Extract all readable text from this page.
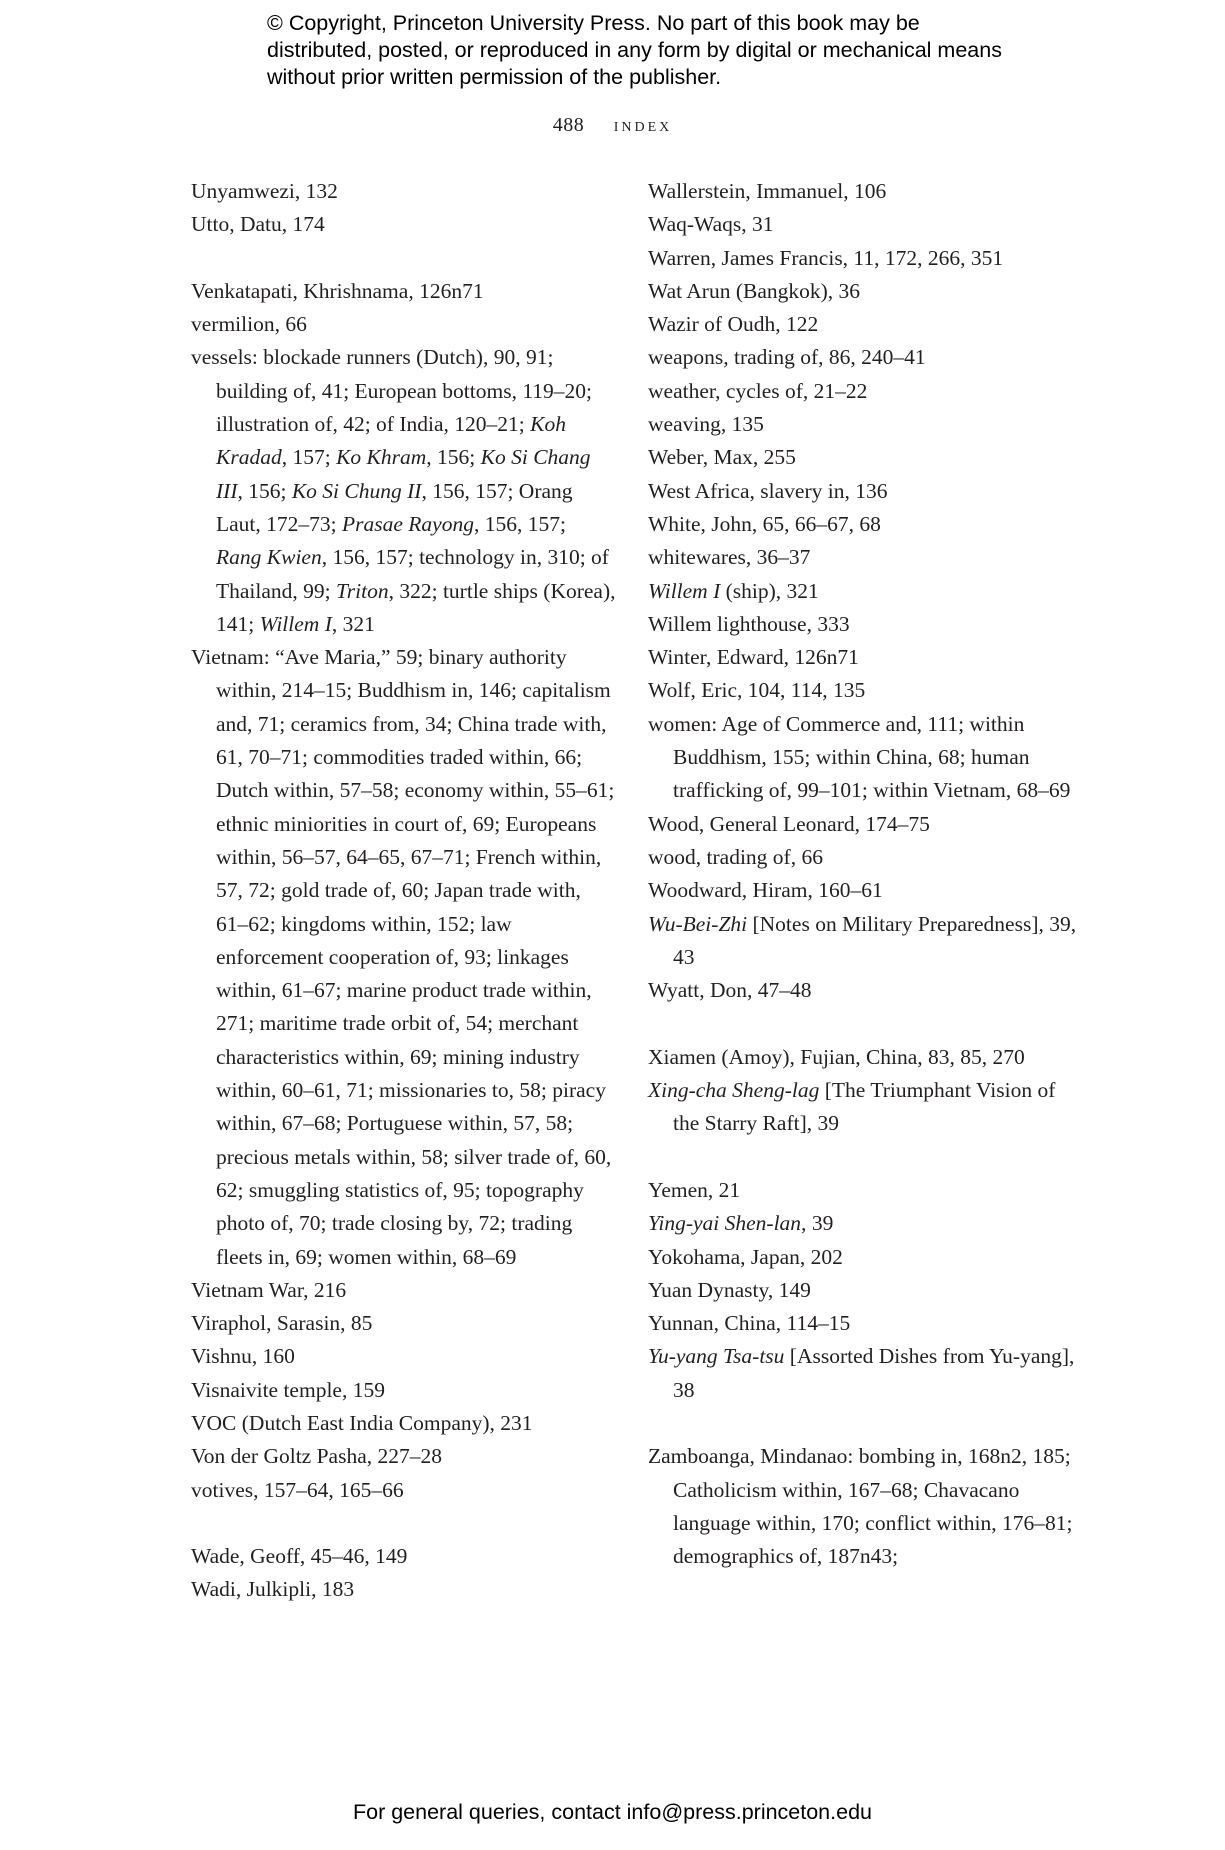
© Copyright, Princeton University Press. No part of this book may be distributed, posted, or reproduced in any form by digital or mechanical means without prior written permission of the publisher.

488 index

Unyamwezi, 132

Utto, Datu, 174

Venkatapati, Khrishnama, 126n71

vermilion, 66

vessels: blockade runners (Dutch), 90, 91; building of, 41; European bottoms, 119–20; illustration of, 42; of India, 120–21; Koh Kradad, 157; Ko Khram, 156; Ko Si Chang III, 156; Ko Si Chung II, 156, 157; Orang Laut, 172–73; Prasae Rayong, 156, 157; Rang Kwien, 156, 157; technology in, 310; of Thailand, 99; Triton, 322; turtle ships (Korea), 141; Willem I, 321

Vietnam: “Ave Maria,” 59; binary authority within, 214–15; Buddhism in, 146; capitalism and, 71; ceramics from, 34; China trade with, 61, 70–71; commodities traded within, 66; Dutch within, 57–58; economy within, 55–61; ethnic miniorities in court of, 69; Europeans within, 56–57, 64–65, 67–71; French within, 57, 72; gold trade of, 60; Japan trade with, 61–62; kingdoms within, 152; law enforcement cooperation of, 93; linkages within, 61–67; marine product trade within, 271; maritime trade orbit of, 54; merchant characteristics within, 69; mining industry within, 60–61, 71; missionaries to, 58; piracy within, 67–68; Portuguese within, 57, 58; precious metals within, 58; silver trade of, 60, 62; smuggling statistics of, 95; topography photo of, 70; trade closing by, 72; trading fleets in, 69; women within, 68–69

Vietnam War, 216

Viraphol, Sarasin, 85

Vishnu, 160

Visnaivite temple, 159

VOC (Dutch East India Company), 231

Von der Goltz Pasha, 227–28

votives, 157–64, 165–66

Wade, Geoff, 45–46, 149

Wadi, Julkipli, 183

Wallerstein, Immanuel, 106

Waq-Waqs, 31

Warren, James Francis, 11, 172, 266, 351

Wat Arun (Bangkok), 36

Wazir of Oudh, 122

weapons, trading of, 86, 240–41

weather, cycles of, 21–22

weaving, 135

Weber, Max, 255

West Africa, slavery in, 136

White, John, 65, 66–67, 68

whitewares, 36–37

Willem I (ship), 321

Willem lighthouse, 333

Winter, Edward, 126n71

Wolf, Eric, 104, 114, 135

women: Age of Commerce and, 111; within Buddhism, 155; within China, 68; human trafficking of, 99–101; within Vietnam, 68–69

Wood, General Leonard, 174–75

wood, trading of, 66

Woodward, Hiram, 160–61

Wu-Bei-Zhi [Notes on Military Preparedness], 39, 43

Wyatt, Don, 47–48

Xiamen (Amoy), Fujian, China, 83, 85, 270

Xing-cha Sheng-lag [The Triumphant Vision of the Starry Raft], 39

Yemen, 21

Ying-yai Shen-lan, 39

Yokohama, Japan, 202

Yuan Dynasty, 149

Yunnan, China, 114–15

Yu-yang Tsa-tsu [Assorted Dishes from Yu-yang], 38

Zamboanga, Mindanao: bombing in, 168n2, 185; Catholicism within, 167–68; Chavacano language within, 170; conflict within, 176–81; demographics of, 187n43;

For general queries, contact info@press.princeton.edu
